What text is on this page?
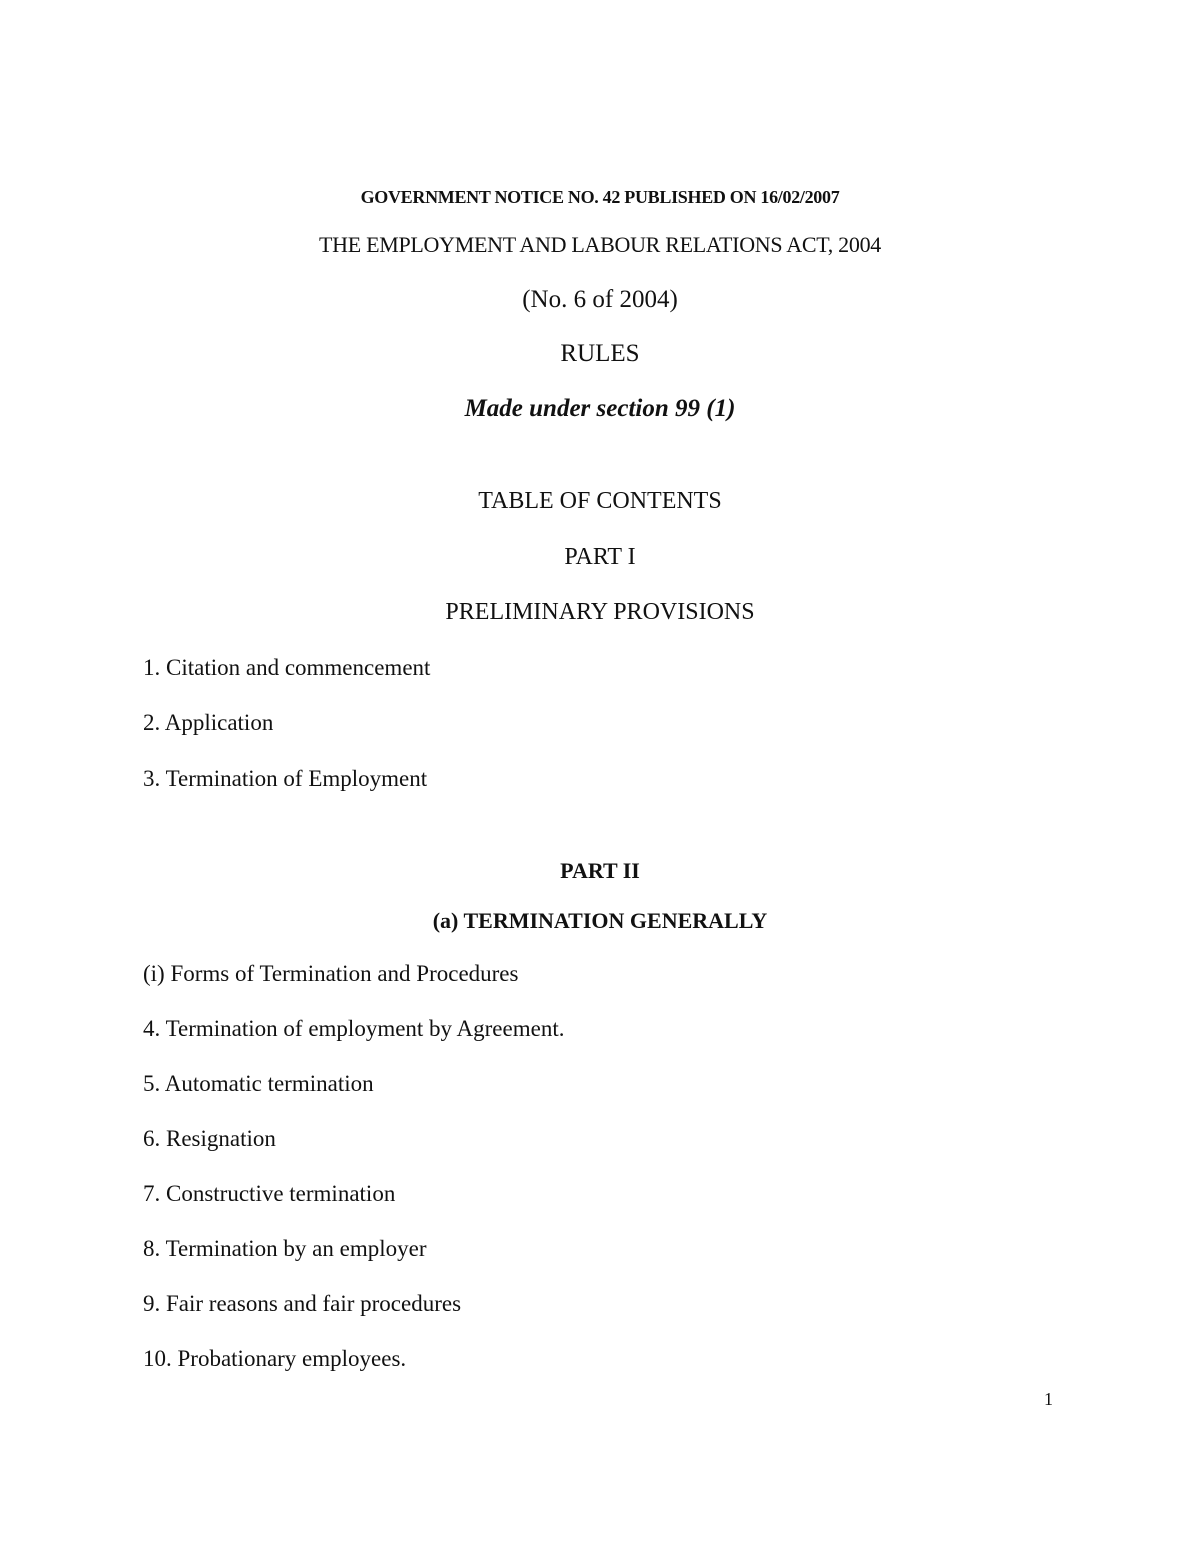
GOVERNMENT NOTICE NO. 42 PUBLISHED ON 16/02/2007
THE EMPLOYMENT AND LABOUR RELATIONS ACT, 2004
(No. 6 of 2004)
RULES
Made under section 99 (1)
TABLE OF CONTENTS
PART I
PRELIMINARY PROVISIONS
1. Citation and commencement
2. Application
3. Termination of Employment
PART II
(a) TERMINATION GENERALLY
(i) Forms of Termination and Procedures
4. Termination of employment by Agreement.
5. Automatic termination
6. Resignation
7. Constructive termination
8. Termination by an employer
9. Fair reasons and fair procedures
10. Probationary employees.
1
